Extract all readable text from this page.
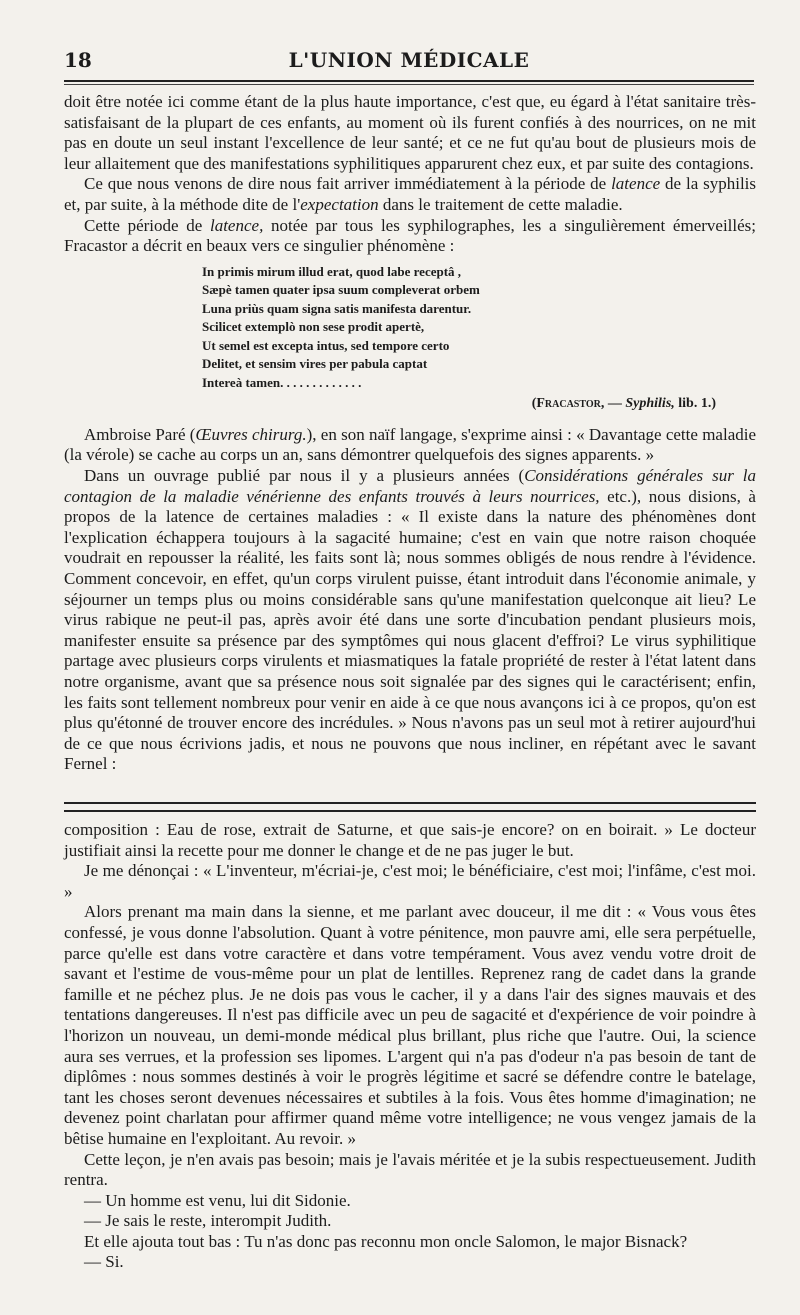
18	L'UNION MÉDICALE

doit être notée ici comme étant de la plus haute importance, c'est que, eu égard à l'état sanitaire très-satisfaisant de la plupart de ces enfants, au moment où ils furent confiés à des nourrices, on ne mit pas en doute un seul instant l'excellence de leur santé; et ce ne fut qu'au bout de plusieurs mois de leur allaitement que des manifestations syphilitiques apparurent chez eux, et par suite des contagions.

Ce que nous venons de dire nous fait arriver immédiatement à la période de latence de la syphilis et, par suite, à la méthode dite de l'expectation dans le traitement de cette maladie.

Cette période de latence, notée par tous les syphilographes, les a singulièrement émerveillés; Fracastor a décrit en beaux vers ce singulier phénomène :

In primis mirum illud erat, quod labe receptâ ,
Sæpè tamen quater ipsa suum compleverat orbem
Luna priùs quam signa satis manifesta darentur.
Scilicet extemplò non sese prodit apertè,
Ut semel est excepta intus, sed tempore certo
Delitet, et sensim vires per pabula captat
Intereà tamen. . . . . . . . . . . . .
(Fracastor, — Syphilis, lib. 1.)

Ambroise Paré (Œuvres chirurg.), en son naïf langage, s'exprime ainsi : « Davantage cette maladie (la vérole) se cache au corps un an, sans démontrer quelquefois des signes apparents. »

Dans un ouvrage publié par nous il y a plusieurs années (Considérations générales sur la contagion de la maladie vénérienne des enfants trouvés à leurs nourrices, etc.), nous disions, à propos de la latence de certaines maladies : « Il existe dans la nature des phénomènes dont l'explication échappera toujours à la sagacité humaine; c'est en vain que notre raison choquée voudrait en repousser la réalité, les faits sont là; nous sommes obligés de nous rendre à l'évidence. Comment concevoir, en effet, qu'un corps virulent puisse, étant introduit dans l'économie animale, y séjourner un temps plus ou moins considérable sans qu'une manifestation quelconque ait lieu? Le virus rabique ne peut-il pas, après avoir été dans une sorte d'incubation pendant plusieurs mois, manifester ensuite sa présence par des symptômes qui nous glacent d'effroi? Le virus syphilitique partage avec plusieurs corps virulents et miasmatiques la fatale propriété de rester à l'état latent dans notre organisme, avant que sa présence nous soit signalée par des signes qui le caractérisent; enfin, les faits sont tellement nombreux pour venir en aide à ce que nous avançons ici à ce propos, qu'on est plus qu'étonné de trouver encore des incrédules. » Nous n'avons pas un seul mot à retirer aujourd'hui de ce que nous écrivions jadis, et nous ne pouvons que nous incliner, en répétant avec le savant Fernel :

composition : Eau de rose, extrait de Saturne, et que sais-je encore? on en boirait. » Le docteur justifiait ainsi la recette pour me donner le change et de ne pas juger le but.

Je me dénonçai : « L'inventeur, m'écriai-je, c'est moi; le bénéficiaire, c'est moi; l'infâme, c'est moi. »

Alors prenant ma main dans la sienne, et me parlant avec douceur, il me dit : « Vous vous êtes confessé, je vous donne l'absolution. Quant à votre pénitence, mon pauvre ami, elle sera perpétuelle, parce qu'elle est dans votre caractère et dans votre tempérament. Vous avez vendu votre droit de savant et l'estime de vous-même pour un plat de lentilles. Reprenez rang de cadet dans la grande famille et ne péchez plus. Je ne dois pas vous le cacher, il y a dans l'air des signes mauvais et des tentations dangereuses. Il n'est pas difficile avec un peu de sagacité et d'expérience de voir poindre à l'horizon un nouveau, un demi-monde médical plus brillant, plus riche que l'autre. Oui, la science aura ses verrues, et la profession ses lipomes. L'argent qui n'a pas d'odeur n'a pas besoin de tant de diplômes : nous sommes destinés à voir le progrès légitime et sacré se défendre contre le batelage, tant les choses seront devenues nécessaires et subtiles à la fois. Vous êtes homme d'imagination; ne devenez point charlatan pour affirmer quand même votre intelligence; ne vous vengez jamais de la bêtise humaine en l'exploitant. Au revoir. »

Cette leçon, je n'en avais pas besoin; mais je l'avais méritée et je la subis respectueusement. Judith rentra.

— Un homme est venu, lui dit Sidonie.

— Je sais le reste, interompit Judith.

Et elle ajouta tout bas : Tu n'as donc pas reconnu mon oncle Salomon, le major Bisnack?

— Si.
